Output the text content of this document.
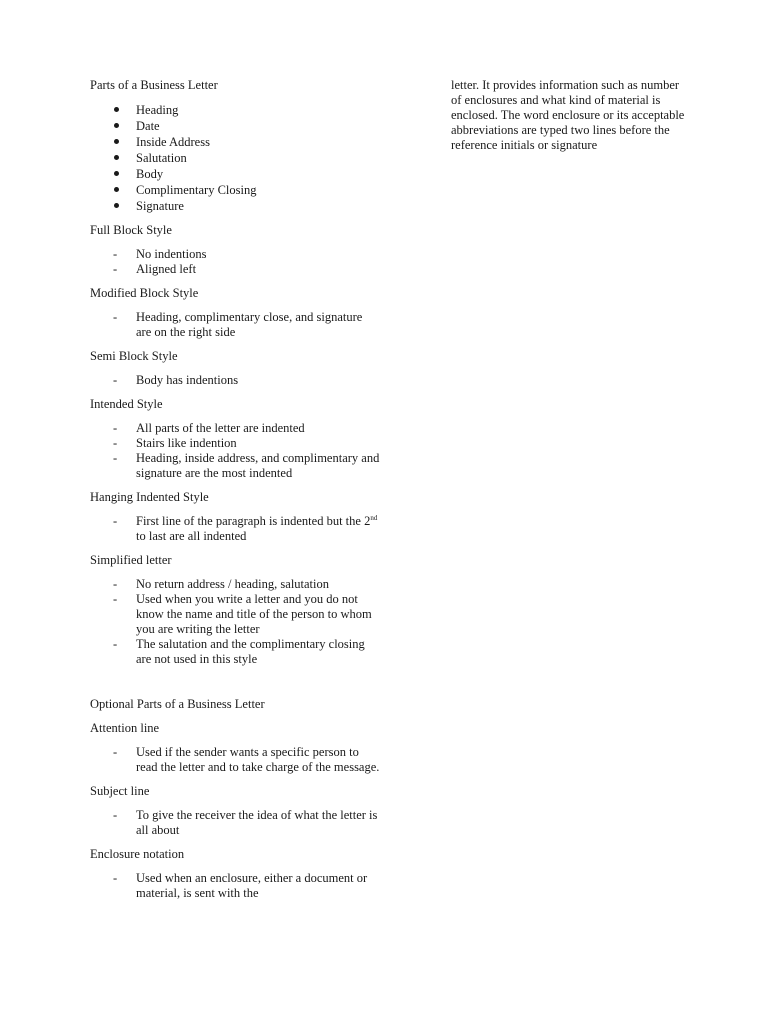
Parts of a Business Letter
Heading
Date
Inside Address
Salutation
Body
Complimentary Closing
Signature
Full Block Style
- No indentions
- Aligned left
Modified Block Style
- Heading, complimentary close, and signature are on the right side
Semi Block Style
- Body has indentions
Intended Style
- All parts of the letter are indented
- Stairs like indention
- Heading, inside address, and complimentary and signature are the most indented
Hanging Indented Style
- First line of the paragraph is indented but the 2nd to last are all indented
Simplified letter
- No return address / heading, salutation
- Used when you write a letter and you do not know the name and title of the person to whom you are writing the letter
- The salutation and the complimentary closing are not used in this style
Optional Parts of a Business Letter
Attention line
- Used if the sender wants a specific person to read the letter and to take charge of the message.
Subject line
- To give the receiver the idea of what the letter is all about
Enclosure notation
- Used when an enclosure, either a document or material, is sent with the
letter. It provides information such as number of enclosures and what kind of material is enclosed. The word enclosure or its acceptable abbreviations are typed two lines before the reference initials or signature
